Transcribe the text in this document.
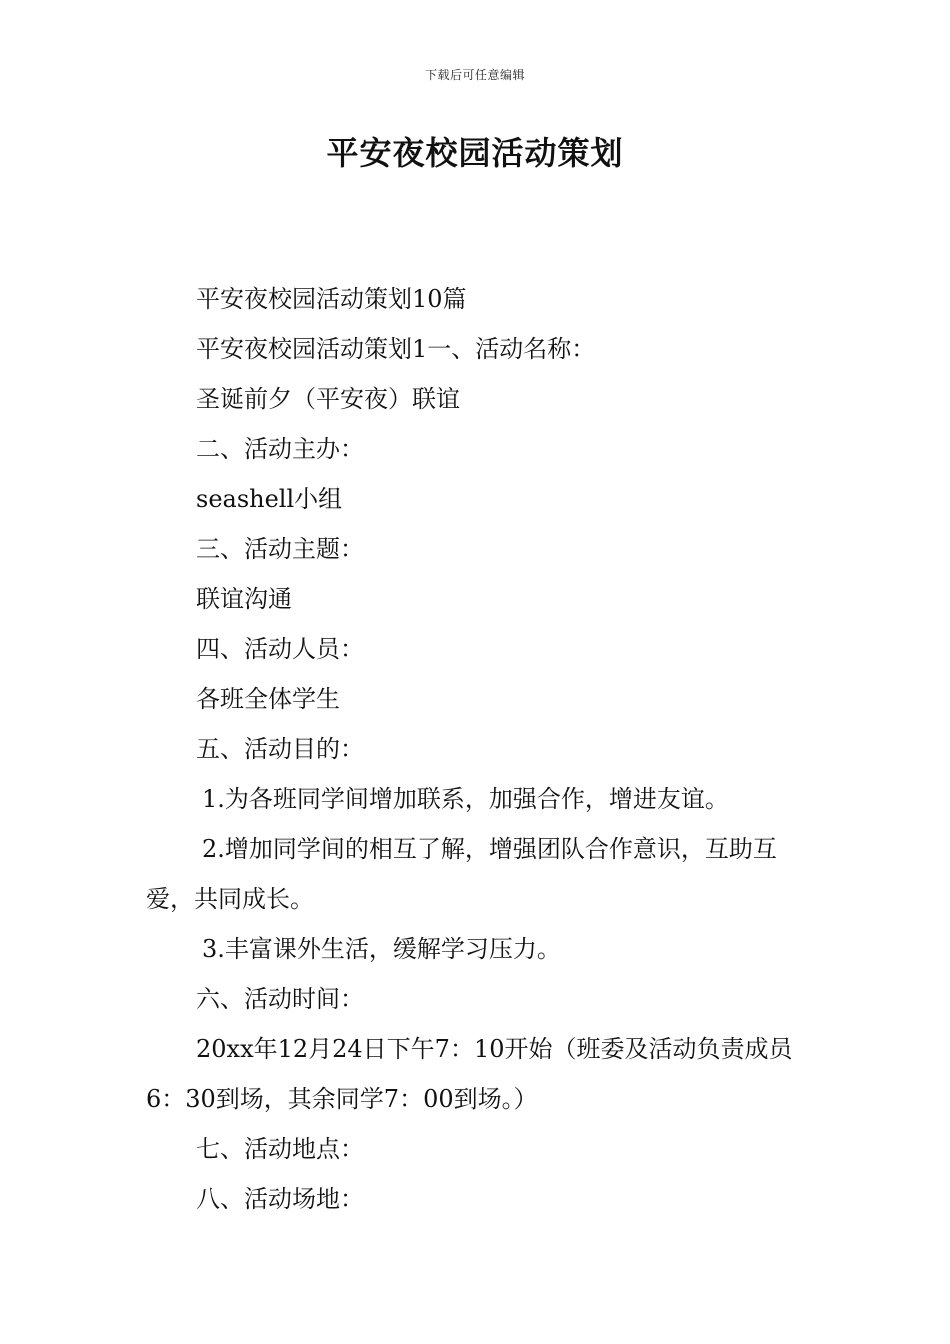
下载后可任意编辑
平安夜校园活动策划

平安夜校园活动策划10篇

平安夜校园活动策划1一、活动名称：

圣诞前夕（平安夜）联谊

二、活动主办：

seashell小组

三、活动主题：

联谊沟通

四、活动人员：

各班全体学生

五、活动目的：

1.为各班同学间增加联系，加强合作，增进友谊。

2.增加同学间的相互了解，增强团队合作意识，互助互爱，共同成长。

3.丰富课外生活，缓解学习压力。

六、活动时间：

20xx年12月24日下午7：10开始（班委及活动负责成员6：30到场，其余同学7：00到场。）

七、活动地点：

八、活动场地：
